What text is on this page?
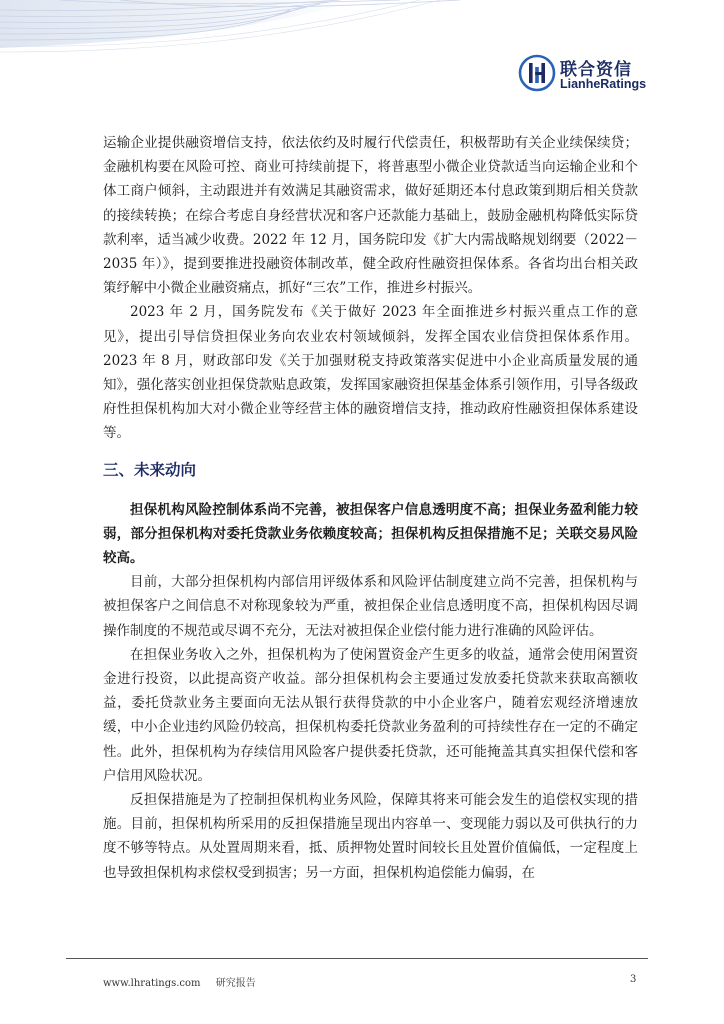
联合资信
LianheRatings

运输企业提供融资增信支持，依法依约及时履行代偿责任，积极帮助有关企业续保续贷；金融机构要在风险可控、商业可持续前提下，将普惠型小微企业贷款适当向运输企业和个体工商户倾斜，主动跟进并有效满足其融资需求，做好延期还本付息政策到期后相关贷款的接续转换；在综合考虑自身经营状况和客户还款能力基础上，鼓励金融机构降低实际贷款利率，适当减少收费。2022 年 12 月，国务院印发《扩大内需战略规划纲要（2022－2035 年）》，提到要推进投融资体制改革，健全政府性融资担保体系。各省均出台相关政策纾解中小微企业融资痛点，抓好“三农”工作，推进乡村振兴。

2023 年 2 月，国务院发布《关于做好 2023 年全面推进乡村振兴重点工作的意见》，提出引导信贷担保业务向农业农村领域倾斜，发挥全国农业信贷担保体系作用。2023 年 8 月，财政部印发《关于加强财税支持政策落实促进中小企业高质量发展的通知》，强化落实创业担保贷款贴息政策，发挥国家融资担保基金体系引领作用，引导各级政府性担保机构加大对小微企业等经营主体的融资增信支持，推动政府性融资担保体系建设等。

三、未来动向

担保机构风险控制体系尚不完善，被担保客户信息透明度不高；担保业务盈利能力较弱，部分担保机构对委托贷款业务依赖度较高；担保机构反担保措施不足；关联交易风险较高。

目前，大部分担保机构内部信用评级体系和风险评估制度建立尚不完善，担保机构与被担保客户之间信息不对称现象较为严重，被担保企业信息透明度不高，担保机构因尽调操作制度的不规范或尽调不充分，无法对被担保企业偿付能力进行准确的风险评估。

在担保业务收入之外，担保机构为了使闲置资金产生更多的收益，通常会使用闲置资金进行投资，以此提高资产收益。部分担保机构会主要通过发放委托贷款来获取高额收益，委托贷款业务主要面向无法从银行获得贷款的中小企业客户，随着宏观经济增速放缓，中小企业违约风险仍较高，担保机构委托贷款业务盈利的可持续性存在一定的不确定性。此外，担保机构为存续信用风险客户提供委托贷款，还可能掩盖其真实担保代偿和客户信用风险状况。

反担保措施是为了控制担保机构业务风险，保障其将来可能会发生的追偿权实现的措施。目前，担保机构所采用的反担保措施呈现出内容单一、变现能力弱以及可供执行的力度不够等特点。从处置周期来看，抵、质押物处置时间较长且处置价值偏低，一定程度上也导致担保机构求偿权受到损害；另一方面，担保机构追偿能力偏弱，在

www.lhratings.com 研究报告	3
